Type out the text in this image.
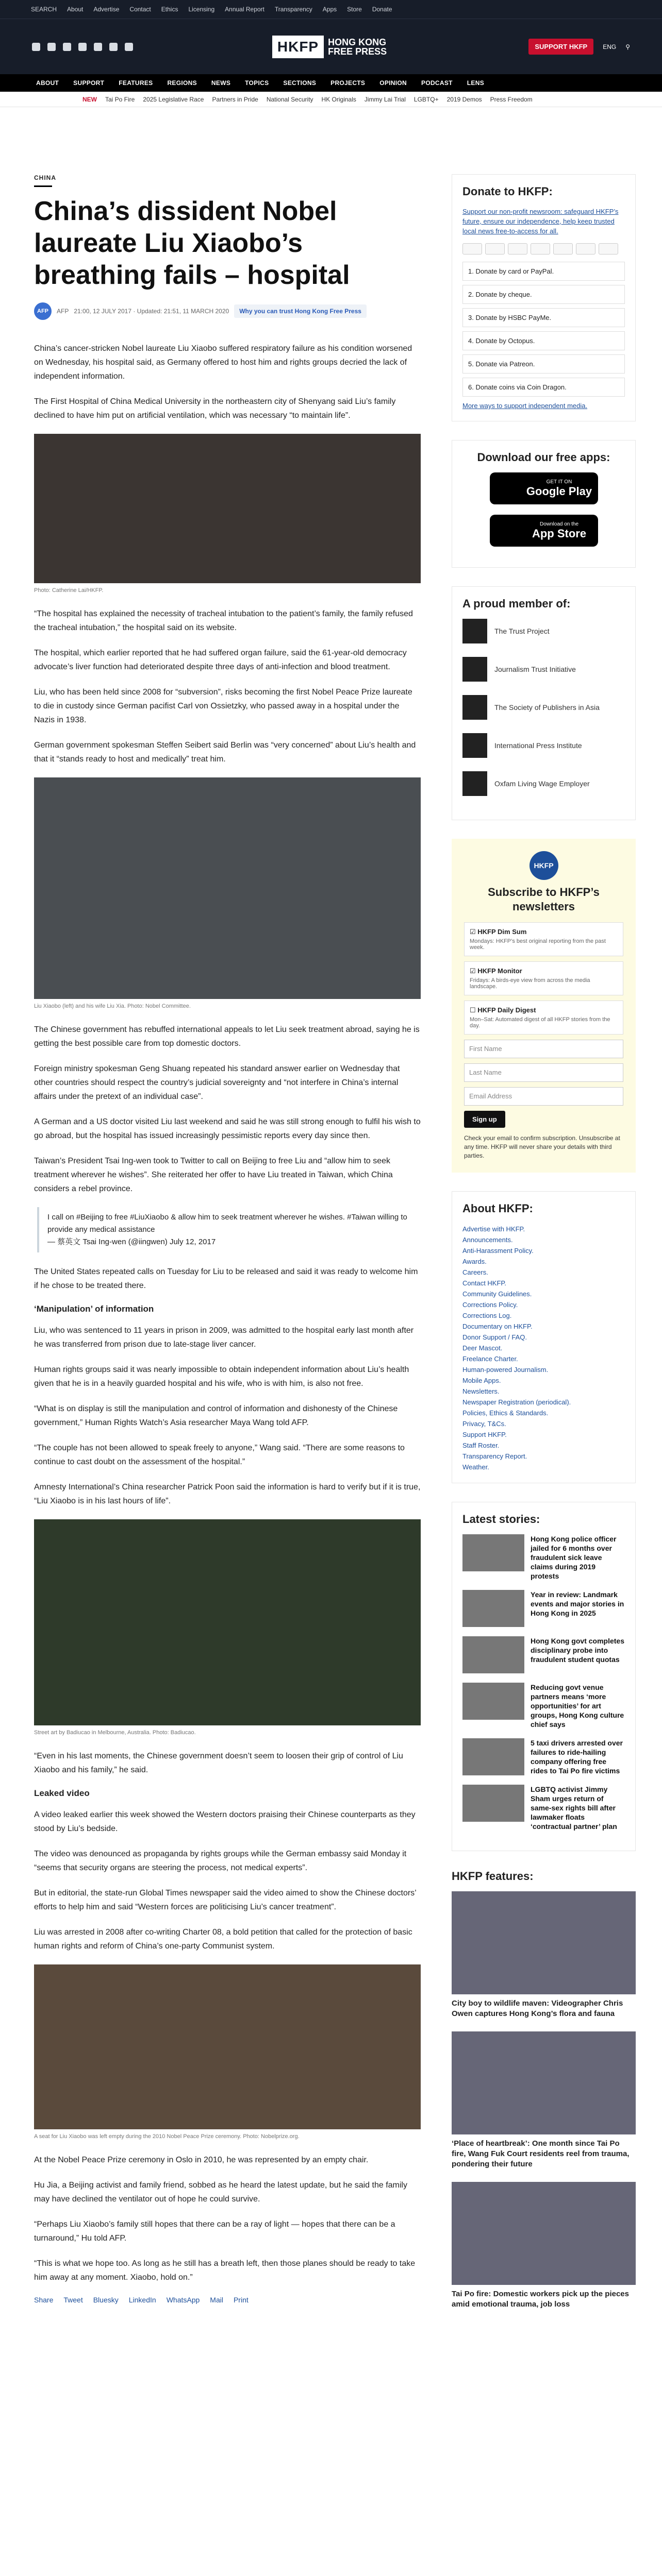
SEARCH About Advertise Contact Ethics Licensing Annual Report Transparency Apps Store Donate
HKFP	HONG KONG FREE PRESS	SUPPORT HKFP	ENG ⚲
ABOUT SUPPORT FEATURES REGIONS NEWS TOPICS SECTIONS PROJECTS OPINION PODCAST LENS
NEW Tai Po Fire 2025 Legislative Race Partners in Pride National Security HK Originals Jimmy Lai Trial LGBTQ+ 2019 Demos Press Freedom
CHINA
China’s dissident Nobel laureate Liu Xiaobo’s breathing fails – hospital
AFP	AFP 21:00, 12 JULY 2017 · Updated: 21:51, 11 MARCH 2020	Why you can trust Hong Kong Free Press

China’s cancer-stricken Nobel laureate Liu Xiaobo suffered respiratory failure as his condition worsened on Wednesday, his hospital said, as Germany offered to host him and rights groups decried the lack of independent information.

The First Hospital of China Medical University in the northeastern city of Shenyang said Liu’s family declined to have him put on artificial ventilation, which was necessary “to maintain life”.

Photo: Catherine Lai/HKFP.

“The hospital has explained the necessity of tracheal intubation to the patient’s family, the family refused the tracheal intubation,” the hospital said on its website.

The hospital, which earlier reported that he had suffered organ failure, said the 61-year-old democracy advocate’s liver function had deteriorated despite three days of anti-infection and blood treatment.

Liu, who has been held since 2008 for “subversion”, risks becoming the first Nobel Peace Prize laureate to die in custody since German pacifist Carl von Ossietzky, who passed away in a hospital under the Nazis in 1938.

German government spokesman Steffen Seibert said Berlin was “very concerned” about Liu’s health and that it “stands ready to host and medically” treat him.

Liu Xiaobo (left) and his wife Liu Xia. Photo: Nobel Committee.

The Chinese government has rebuffed international appeals to let Liu seek treatment abroad, saying he is getting the best possible care from top domestic doctors.

Foreign ministry spokesman Geng Shuang repeated his standard answer earlier on Wednesday that other countries should respect the country’s judicial sovereignty and “not interfere in China’s internal affairs under the pretext of an individual case”.

A German and a US doctor visited Liu last weekend and said he was still strong enough to fulfil his wish to go abroad, but the hospital has issued increasingly pessimistic reports every day since then.

Taiwan’s President Tsai Ing-wen took to Twitter to call on Beijing to free Liu and “allow him to seek treatment wherever he wishes”. She reiterated her offer to have Liu treated in Taiwan, which China considers a rebel province.

I call on #Beijing to free #LiuXiaobo & allow him to seek treatment wherever he wishes. #Taiwan willing to provide any medical assistance
— 蔡英文 Tsai Ing-wen (@iingwen) July 12, 2017

The United States repeated calls on Tuesday for Liu to be released and said it was ready to welcome him if he chose to be treated there.

‘Manipulation’ of information

Liu, who was sentenced to 11 years in prison in 2009, was admitted to the hospital early last month after he was transferred from prison due to late-stage liver cancer.

Human rights groups said it was nearly impossible to obtain independent information about Liu’s health given that he is in a heavily guarded hospital and his wife, who is with him, is also not free.

“What is on display is still the manipulation and control of information and dishonesty of the Chinese government,” Human Rights Watch’s Asia researcher Maya Wang told AFP.

“The couple has not been allowed to speak freely to anyone,” Wang said. “There are some reasons to continue to cast doubt on the assessment of the hospital.”

Amnesty International’s China researcher Patrick Poon said the information is hard to verify but if it is true, “Liu Xiaobo is in his last hours of life”.

Street art by Badiucao in Melbourne, Australia. Photo: Badiucao.

“Even in his last moments, the Chinese government doesn’t seem to loosen their grip of control of Liu Xiaobo and his family,” he said.

Leaked video

A video leaked earlier this week showed the Western doctors praising their Chinese counterparts as they stood by Liu’s bedside.

The video was denounced as propaganda by rights groups while the German embassy said Monday it “seems that security organs are steering the process, not medical experts”.

But in editorial, the state-run Global Times newspaper said the video aimed to show the Chinese doctors’ efforts to help him and said “Western forces are politicising Liu’s cancer treatment”.

Liu was arrested in 2008 after co-writing Charter 08, a bold petition that called for the protection of basic human rights and reform of China’s one-party Communist system.

A seat for Liu Xiaobo was left empty during the 2010 Nobel Peace Prize ceremony. Photo: Nobelprize.org.

At the Nobel Peace Prize ceremony in Oslo in 2010, he was represented by an empty chair.

Hu Jia, a Beijing activist and family friend, sobbed as he heard the latest update, but he said the family may have declined the ventilator out of hope he could survive.

“Perhaps Liu Xiaobo’s family still hopes that there can be a ray of light — hopes that there can be a turnaround,” Hu told AFP.

“This is what we hope too. As long as he still has a breath left, then those planes should be ready to take him away at any moment. Xiaobo, hold on.”

Share Tweet Bluesky LinkedIn WhatsApp Mail Print
Donate to HKFP:
Support our non-profit newsroom: safeguard HKFP’s future, ensure our independence, help keep trusted local news free-to-access for all.
1. Donate by card or PayPal.
2. Donate by cheque.
3. Donate by HSBC PayMe.
4. Donate by Octopus.
5. Donate via Patreon.
6. Donate coins via Coin Dragon.
More ways to support independent media.
Download our free apps:
GET IT ON
Google Play
Download on the
App Store
A proud member of:
The Trust Project
Journalism Trust Initiative
The Society of Publishers in Asia
International Press Institute
Oxfam Living Wage Employer
HKFP
Subscribe to HKFP’s newsletters
☑ HKFP Dim Sum
Mondays: HKFP’s best original reporting from the past week.
☑ HKFP Monitor
Fridays: A birds-eye view from across the media landscape.
☐ HKFP Daily Digest
Mon–Sat: Automated digest of all HKFP stories from the day.
First Name
Last Name
Email Address
Sign up
Check your email to confirm subscription. Unsubscribe at any time. HKFP will never share your details with third parties.
About HKFP:
Advertise with HKFP.
Announcements.
Anti-Harassment Policy.
Awards.
Careers.
Contact HKFP.
Community Guidelines.
Corrections Policy.
Corrections Log.
Documentary on HKFP.
Donor Support / FAQ.
Deer Mascot.
Freelance Charter.
Human-powered Journalism.
Mobile Apps.
Newsletters.
Newspaper Registration (periodical).
Policies, Ethics & Standards.
Privacy, T&Cs.
Support HKFP.
Staff Roster.
Transparency Report.
Weather.
Latest stories:
Hong Kong police officer jailed for 6 months over fraudulent sick leave claims during 2019 protests
Year in review: Landmark events and major stories in Hong Kong in 2025
Hong Kong govt completes disciplinary probe into fraudulent student quotas
Reducing govt venue partners means ‘more opportunities’ for art groups, Hong Kong culture chief says
5 taxi drivers arrested over failures to ride-hailing company offering free rides to Tai Po fire victims
LGBTQ activist Jimmy Sham urges return of same-sex rights bill after lawmaker floats ‘contractual partner’ plan
HKFP features:
City boy to wildlife maven: Videographer Chris Owen captures Hong Kong’s flora and fauna
‘Place of heartbreak’: One month since Tai Po fire, Wang Fuk Court residents reel from trauma, pondering their future
Tai Po fire: Domestic workers pick up the pieces amid emotional trauma, job loss
